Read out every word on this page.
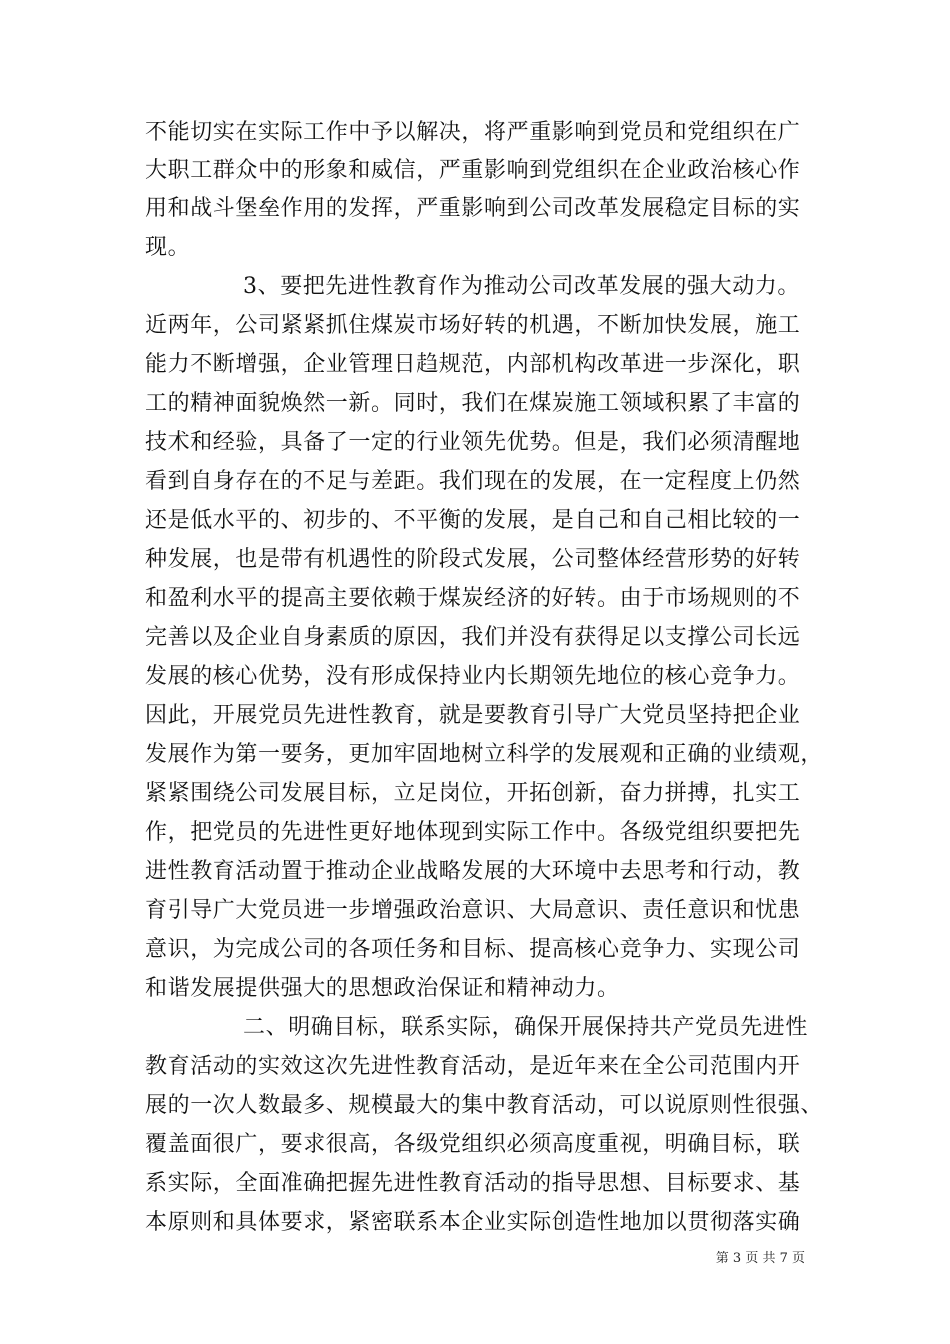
不能切实在实际工作中予以解决，将严重影响到党员和党组织在广
大职工群众中的形象和威信，严重影响到党组织在企业政治核心作
用和战斗堡垒作用的发挥，严重影响到公司改革发展稳定目标的实
现。
3、要把先进性教育作为推动公司改革发展的强大动力。
近两年，公司紧紧抓住煤炭市场好转的机遇，不断加快发展，施工
能力不断增强，企业管理日趋规范，内部机构改革进一步深化，职
工的精神面貌焕然一新。同时，我们在煤炭施工领域积累了丰富的
技术和经验，具备了一定的行业领先优势。但是，我们必须清醒地
看到自身存在的不足与差距。我们现在的发展，在一定程度上仍然
还是低水平的、初步的、不平衡的发展，是自己和自己相比较的一
种发展，也是带有机遇性的阶段式发展，公司整体经营形势的好转
和盈利水平的提高主要依赖于煤炭经济的好转。由于市场规则的不
完善以及企业自身素质的原因，我们并没有获得足以支撑公司长远
发展的核心优势，没有形成保持业内长期领先地位的核心竞争力。
因此，开展党员先进性教育，就是要教育引导广大党员坚持把企业
发展作为第一要务，更加牢固地树立科学的发展观和正确的业绩观，
紧紧围绕公司发展目标，立足岗位，开拓创新，奋力拼搏，扎实工
作，把党员的先进性更好地体现到实际工作中。各级党组织要把先
进性教育活动置于推动企业战略发展的大环境中去思考和行动，教
育引导广大党员进一步增强政治意识、大局意识、责任意识和忧患
意识，为完成公司的各项任务和目标、提高核心竞争力、实现公司
和谐发展提供强大的思想政治保证和精神动力。
二、明确目标，联系实际，确保开展保持共产党员先进性
教育活动的实效这次先进性教育活动，是近年来在全公司范围内开
展的一次人数最多、规模最大的集中教育活动，可以说原则性很强、
覆盖面很广，要求很高，各级党组织必须高度重视，明确目标，联
系实际，全面准确把握先进性教育活动的指导思想、目标要求、基
本原则和具体要求，紧密联系本企业实际创造性地加以贯彻落实确
第 3 页 共 7 页
